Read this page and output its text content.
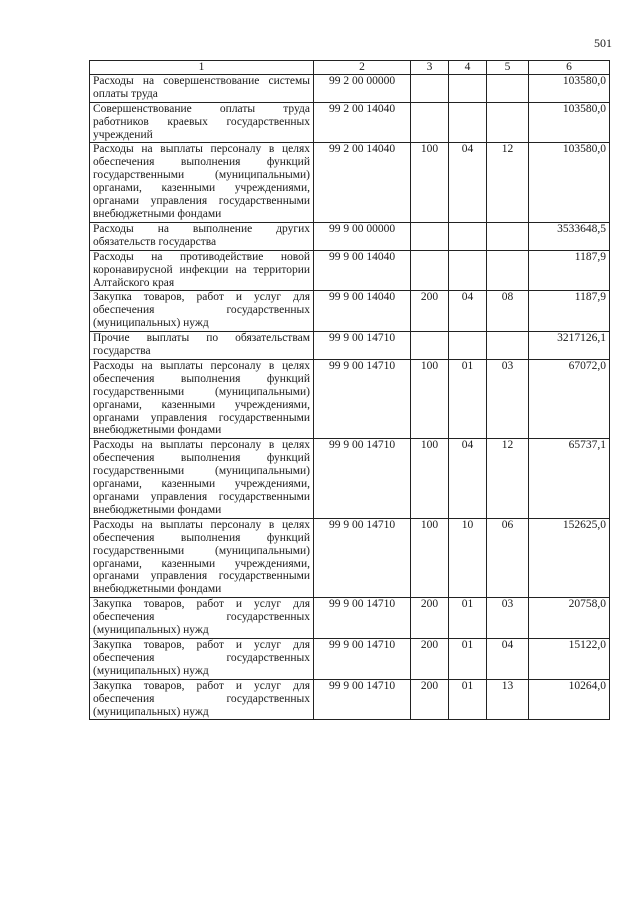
501
1	2	3	4	5	6
Расходы на совершенствование системы оплаты труда	99 2 00 00000				103580,0
Совершенствование оплаты труда работников краевых государственных учреждений	99 2 00 14040				103580,0
Расходы на выплаты персоналу в целях обеспечения выполнения функций государственными (муниципальными) органами, казенными учреждениями, органами управления государственными внебюджетными фондами	99 2 00 14040	100	04	12	103580,0
Расходы на выполнение других обязательств государства	99 9 00 00000				3533648,5
Расходы на противодействие новой коронавирусной инфекции на территории Алтайского края	99 9 00 14040				1187,9
Закупка товаров, работ и услуг для обеспечения государственных (муниципальных) нужд	99 9 00 14040	200	04	08	1187,9
Прочие выплаты по обязательствам государства	99 9 00 14710				3217126,1
Расходы на выплаты персоналу в целях обеспечения выполнения функций государственными (муниципальными) органами, казенными учреждениями, органами управления государственными внебюджетными фондами	99 9 00 14710	100	01	03	67072,0
Расходы на выплаты персоналу в целях обеспечения выполнения функций государственными (муниципальными) органами, казенными учреждениями, органами управления государственными внебюджетными фондами	99 9 00 14710	100	04	12	65737,1
Расходы на выплаты персоналу в целях обеспечения выполнения функций государственными (муниципальными) органами, казенными учреждениями, органами управления государственными внебюджетными фондами	99 9 00 14710	100	10	06	152625,0
Закупка товаров, работ и услуг для обеспечения государственных (муниципальных) нужд	99 9 00 14710	200	01	03	20758,0
Закупка товаров, работ и услуг для обеспечения государственных (муниципальных) нужд	99 9 00 14710	200	01	04	15122,0
Закупка товаров, работ и услуг для обеспечения государственных (муниципальных) нужд	99 9 00 14710	200	01	13	10264,0
